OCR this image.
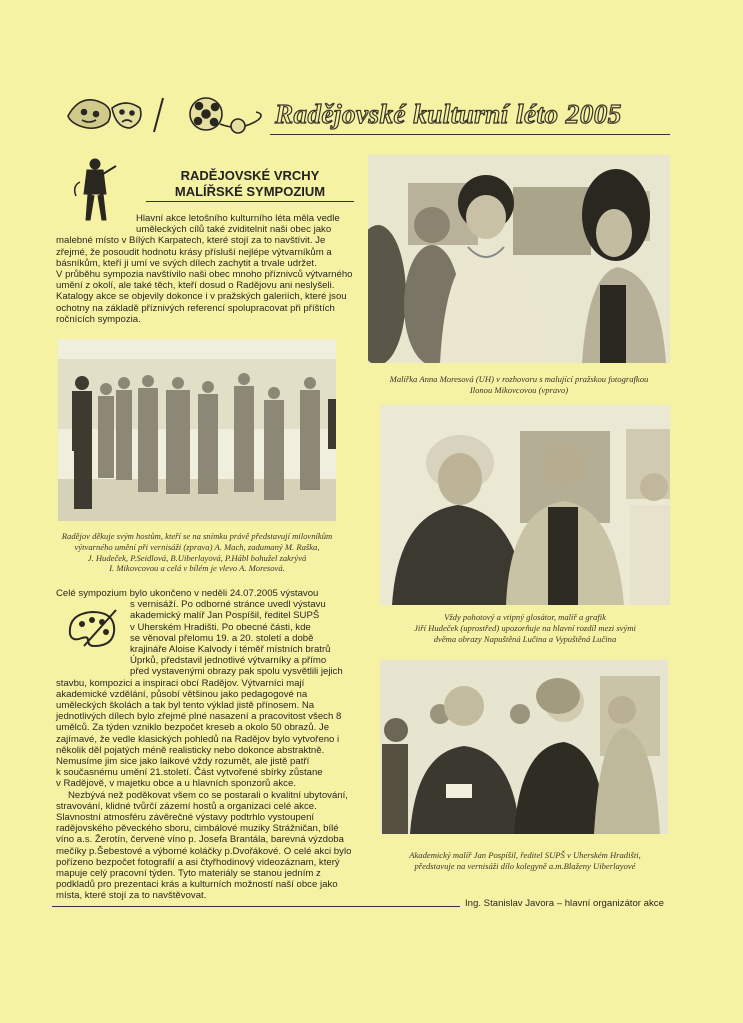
Radějovské kulturní léto 2005
RADĚJOVSKÉ VRCHY
MALÍŘSKÉ SYMPOZIUM
Hlavní akce letošního kulturního léta měla vedle
uměleckých cílů také zviditelnit naši obec jako
malebné místo v Bílých Karpatech, které stojí za to navštívit. Je
zřejmé, že posoudit hodnotu krásy přísluší nejlépe výtvarníkům a
básníkům, kteří ji umí ve svých dílech zachytit a trvale udržet.
V průběhu sympozia navštívilo naši obec mnoho příznivců výtvarného
umění z okolí, ale také těch, kteří dosud o Radějovu ani neslyšeli.
Katalogy akce se objevily dokonce i v pražských galeriích, které jsou
ochotny na základě příznivých referencí spolupracovat při příštích
ročnících sympozia.
Malířka Anna Moresová (UH) v rozhovoru s malující pražskou fotografkou
Ilonou Mikovcovou (vpravo)
Radějov děkuje svým hostům, kteří se na snímku právě představují milovníkům
výtvarného umění při vernisáži (zprava) A. Mach, zadumaný M. Raška,
J. Hudeček, P.Seidlová, B.Uiberlayová, P.Hábl bohužel zakrývá
I. Mikovcovou a celá v bílém je vlevo A. Moresová.
Vždy pohotový a vtipný glosátor, malíř a grafik
Jiří Hudeček (uprostřed) upozorňuje na hlavní rozdíl mezi svými
dvěma obrazy Napuštěná Lučina a Vypuštěná Lučina
Celé sympozium bylo ukončeno v neděli 24.07.2005 výstavou
s vernisáží. Po odborné stránce uvedl výstavu
akademický malíř Jan Pospíšil, ředitel SUPŠ
v Uherském Hradišti. Po obecné části, kde
se věnoval přelomu 19. a 20. století a době
krajináře Aloise Kalvody i téměř místních bratrů
Úprků, představil jednotlivé výtvarníky a přímo
před vystavenými obrazy pak spolu vysvětlili jejich
stavbu, kompozici a inspiraci obcí Radějov. Výtvarníci mají
akademické vzdělání, působí většinou jako pedagogové na
uměleckých školách a tak byl tento výklad jistě přínosem. Na
jednotlivých dílech bylo zřejmé plné nasazení a pracovitost všech 8
umělců. Za týden vzniklo bezpočet kreseb a okolo 50 obrazů. Je
zajímavé, že vedle klasických pohledů na Radějov bylo vytvořeno i
několik děl pojatých méně realisticky nebo dokonce abstraktně.
Nemusíme jim sice jako laikové vždy rozumět, ale jistě patří
k současnému umění 21.století. Část vytvořené sbírky zůstane
v Radějově, v majetku obce a u hlavních sponzorů akce.
Nezbývá než poděkovat všem co se postarali o kvalitní ubytování,
stravování, klidné tvůrčí zázemí hostů a organizaci celé akce.
Slavnostní atmosféru závěrečné výstavy podtrhlo vystoupení
radějovského pěveckého sboru, cimbálové muziky Strážničan, bílé
víno a.s. Žerotín, červené víno p. Josefa Brantála, barevná výzdoba
mečíky p.Šebestové a výborné koláčky p.Dvořákové. O celé akci bylo
pořízeno bezpočet fotografií a asi čtyřhodinový videozáznam, který
mapuje celý pracovní týden. Tyto materiály se stanou jedním z
podkladů pro prezentaci krás a kulturních možností naší obce jako
místa, které stojí za to navštěvovat.
Akademický malíř Jan Pospíšil, ředitel SUPŠ v Uherském Hradišti,
představuje na vernisáži dílo kolegyně a.m.Blaženy Uiberlayové
Ing. Stanislav Javora – hlavní organizátor akce
